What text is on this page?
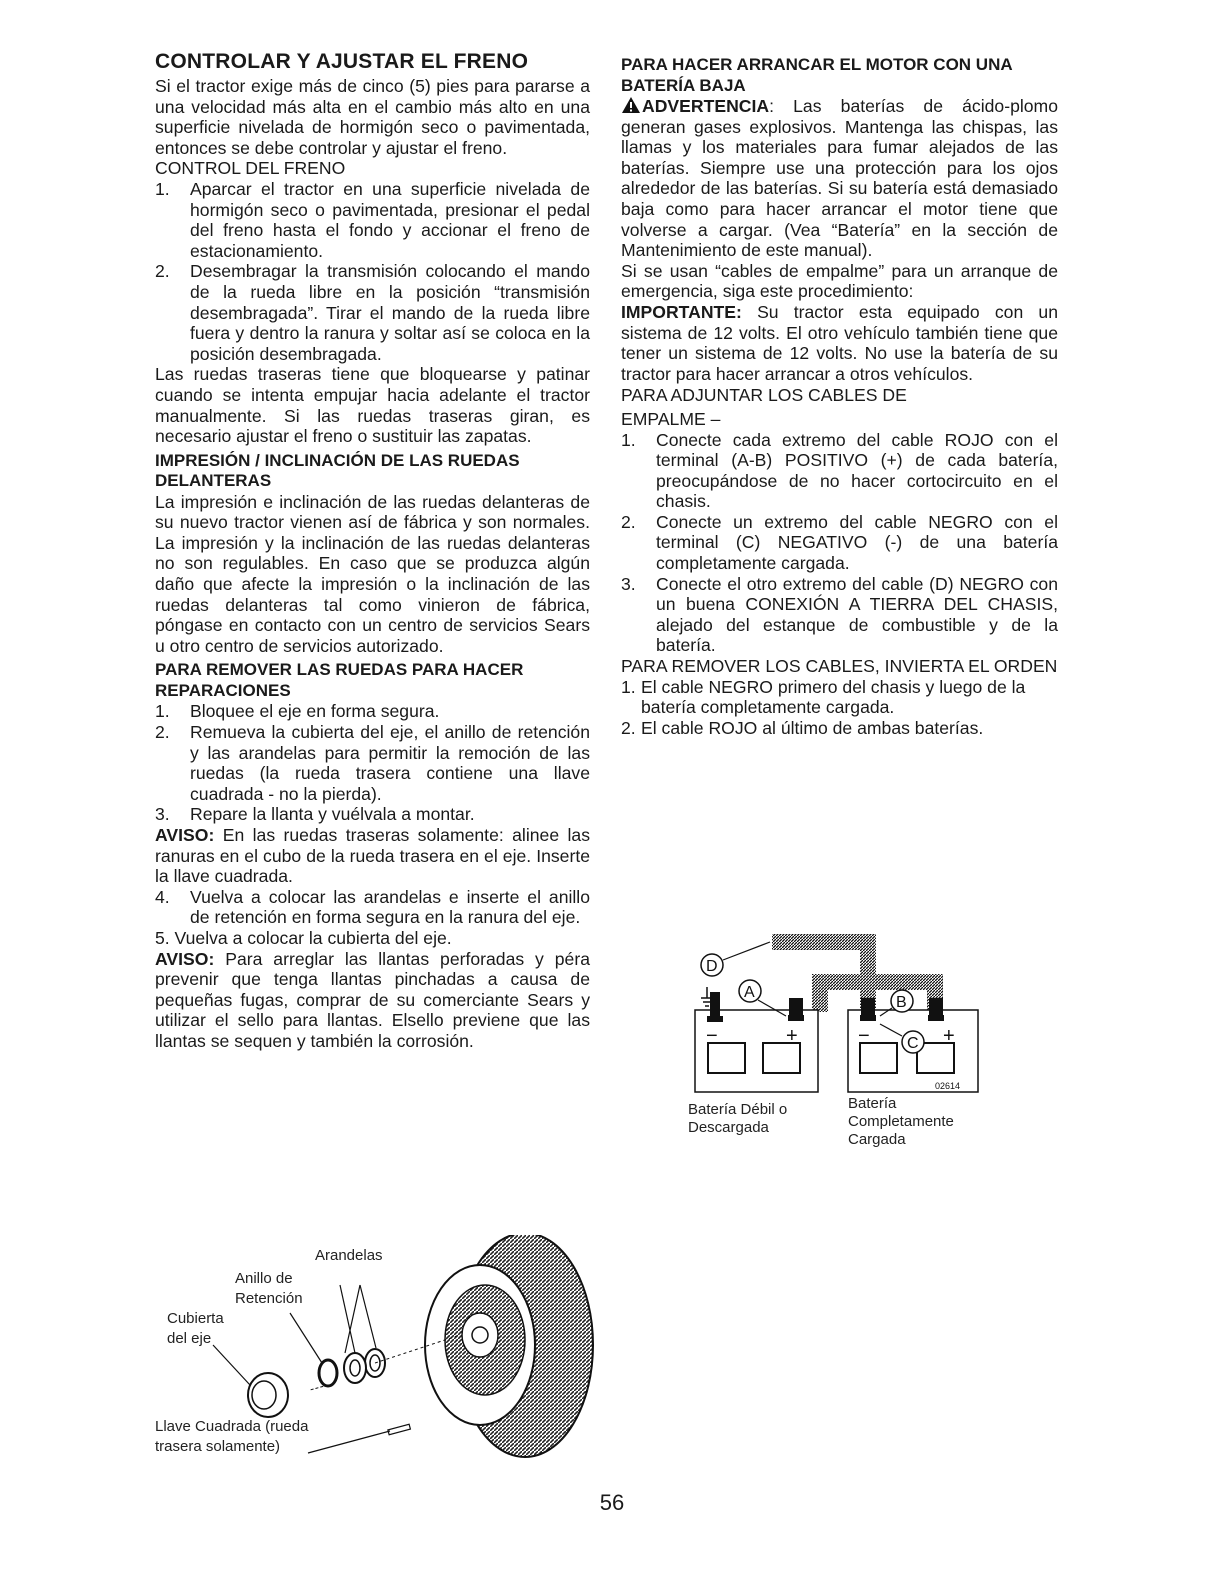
CONTROLAR Y AJUSTAR EL FRENO

Si el tractor exige más de cinco (5) pies para pararse a una velocidad más alta en el cambio más alto en una superficie nivelada de hormigón seco o pavimentada, entonces se debe controlar y ajustar el freno.

CONTROL DEL FRENO

1. Aparcar el tractor en una superficie nivelada de hormigón seco o pavimentada, presionar el pedal del freno hasta el fondo y accionar el freno de estacionamiento.
2. Desembragar la transmisión colocando el mando de la rueda libre en la posición “transmisión desembragada”. Tirar el mando de la rueda libre fuera y dentro la ranura y soltar así se coloca en la posición desembragada.

Las ruedas traseras tiene que bloquearse y patinar cuando se intenta empujar hacia adelante el tractor manualmente. Si las ruedas traseras giran, es necesario ajustar el freno o sustituir las zapatas.

IMPRESIÓN / INCLINACIÓN DE LAS RUEDAS DELANTERAS

La impresión e inclinación de las ruedas delanteras de su nuevo tractor vienen así de fábrica y son normales. La impresión y la inclinación de las ruedas delanteras no son regulables. En caso que se produzca algún daño que afecte la impresión o la inclinación de las ruedas delanteras tal como vinieron de fábrica, póngase en contacto con un centro de servicios Sears u otro centro de servicios autorizado.

PARA REMOVER LAS RUEDAS PARA HACER REPARACIONES
1. Bloquee el eje en forma segura.
2. Remueva la cubierta del eje, el anillo de retención y las arandelas para permitir la remoción de las ruedas (la rueda trasera contiene una llave cuadrada - no la pierda).
3. Repare la llanta y vuélvala a montar.

AVISO: En las ruedas traseras solamente: alinee las ranuras en el cubo de la rueda trasera en el eje. Inserte la llave cuadrada.

4. Vuelva a colocar las arandelas e inserte el anillo de retención en forma segura en la ranura del eje.

5. Vuelva a colocar la cubierta del eje.

AVISO: Para arreglar las llantas perforadas y péra prevenir que tenga llantas pinchadas a causa de pequeñas fugas, comprar de su comerciante Sears y utilizar el sello para llantas. Elsello previene que las llantas se sequen y también la corrosión.

Arandelas
Anillo de
Retención
Cubierta
del eje
Llave Cuadrada (rueda
trasera solamente)
PARA HACER ARRANCAR EL MOTOR CON UNA BATERÍA BAJA

ADVERTENCIA: Las baterías de ácido-plomo generan gases explosivos. Mantenga las chispas, las llamas y los materiales para fumar alejados de las baterías. Siempre use una protección para los ojos alrededor de las baterías. Si su batería está demasiado baja como para hacer arrancar el motor tiene que volverse a cargar. (Vea “Batería” en la sección de Mantenimiento de este manual).

Si se usan “cables de empalme” para un arranque de emergencia, siga este procedimiento:

IMPORTANTE: Su tractor esta equipado con un sistema de 12 volts. El otro vehículo también tiene que tener un sistema de 12 volts. No use la batería de su tractor para hacer arrancar a otros vehículos.

PARA ADJUNTAR LOS CABLES DE

EMPALME –

1. Conecte cada extremo del cable ROJO con el terminal (A-B) POSITIVO (+) de cada batería, preocupándose de no hacer cortocircuito en el chasis.
2. Conecte un extremo del cable NEGRO con el terminal (C) NEGATIVO (-) de una batería completamente cargada.
3. Conecte el otro extremo del cable (D) NEGRO con un buena CONEXIÓN A TIERRA DEL CHASIS, alejado del estanque de combustible y de la batería.

PARA REMOVER LOS CABLES, INVIERTA EL ORDEN

1. El cable NEGRO primero del chasis y luego de la batería completamente cargada.
2. El cable ROJO al último de ambas baterías.
−	+	−	+
D
A
B
C
02614
Batería Débil o
Descargada
Batería
Completamente
Cargada
56
